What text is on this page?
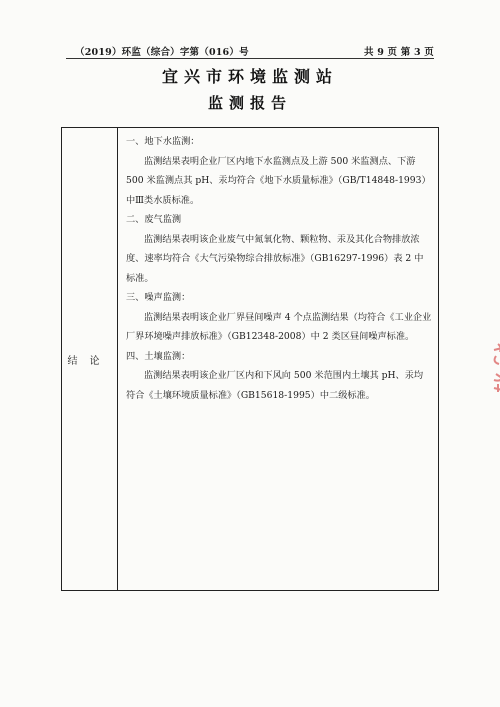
（2019）环监（综合）字第（016）号	共 9 页 第 3 页
宜兴市环境监测站
监测报告
结论

一、地下水监测：

监测结果表明企业厂区内地下水监测点及上游 500 米监测点、下游 500 米监测点其 pH、汞均符合《地下水质量标准》（GB/T14848-1993）中Ⅲ类水质标准。

二、废气监测

监测结果表明该企业废气中氮氧化物、颗粒物、汞及其化合物排放浓度、速率均符合《大气污染物综合排放标准》（GB16297-1996）表 2 中标准。

三、噪声监测：

监测结果表明该企业厂界昼间噪声 4 个点监测结果（均符合《工业企业厂界环境噪声排放标准》（GB12348-2008）中 2 类区昼间噪声标准。

四、土壤监测：

监测结果表明该企业厂区内和下风向 500 米范围内土壤其 pH、汞均符合《土壤环境质量标准》（GB15618-1995）中二级标准。
